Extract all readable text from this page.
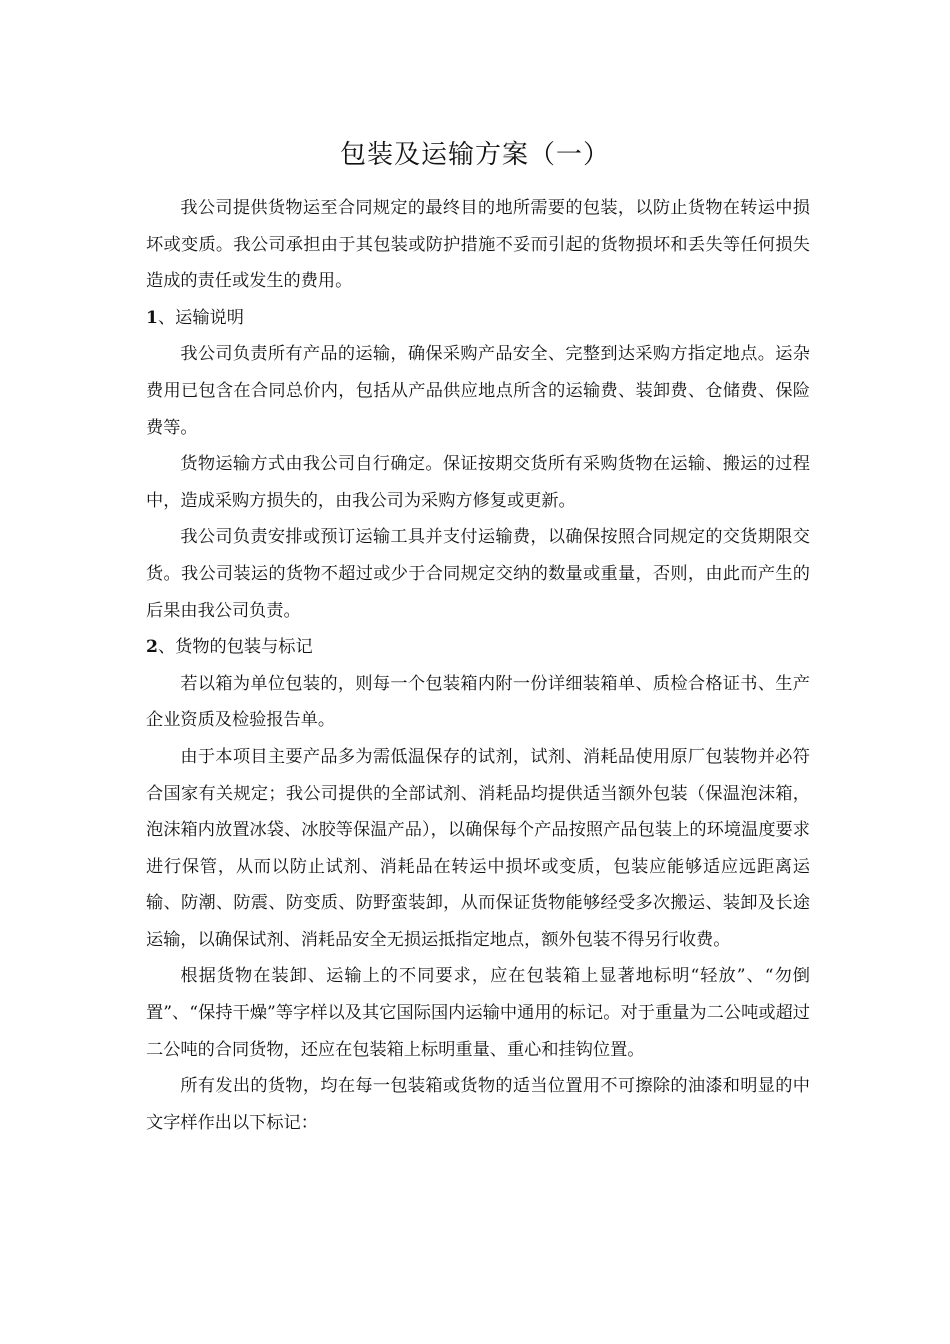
包装及运输方案（一）

我公司提供货物运至合同规定的最终目的地所需要的包装，以防止货物在转运中损坏或变质。我公司承担由于其包装或防护措施不妥而引起的货物损坏和丢失等任何损失造成的责任或发生的费用。

1、运输说明

我公司负责所有产品的运输，确保采购产品安全、完整到达采购方指定地点。运杂费用已包含在合同总价内，包括从产品供应地点所含的运输费、装卸费、仓储费、保险费等。

货物运输方式由我公司自行确定。保证按期交货所有采购货物在运输、搬运的过程中，造成采购方损失的，由我公司为采购方修复或更新。

我公司负责安排或预订运输工具并支付运输费，以确保按照合同规定的交货期限交货。我公司装运的货物不超过或少于合同规定交纳的数量或重量，否则，由此而产生的后果由我公司负责。

2、货物的包装与标记

若以箱为单位包装的，则每一个包装箱内附一份详细装箱单、质检合格证书、生产企业资质及检验报告单。

由于本项目主要产品多为需低温保存的试剂，试剂、消耗品使用原厂包装物并必符合国家有关规定；我公司提供的全部试剂、消耗品均提供适当额外包装（保温泡沫箱，泡沫箱内放置冰袋、冰胶等保温产品），以确保每个产品按照产品包装上的环境温度要求进行保管，从而以防止试剂、消耗品在转运中损坏或变质，包装应能够适应远距离运输、防潮、防震、防变质、防野蛮装卸，从而保证货物能够经受多次搬运、装卸及长途运输，以确保试剂、消耗品安全无损运抵指定地点，额外包装不得另行收费。

根据货物在装卸、运输上的不同要求，应在包装箱上显著地标明“轻放”、“勿倒置”、“保持干燥”等字样以及其它国际国内运输中通用的标记。对于重量为二公吨或超过二公吨的合同货物，还应在包装箱上标明重量、重心和挂钩位置。

所有发出的货物，均在每一包装箱或货物的适当位置用不可擦除的油漆和明显的中文字样作出以下标记：
